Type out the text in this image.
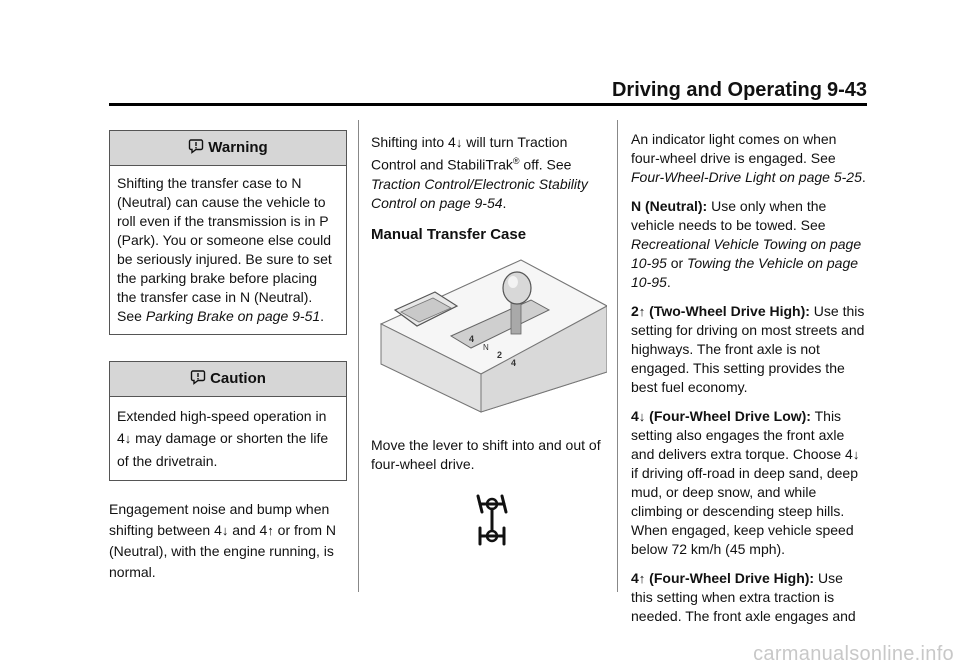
Driving and Operating 9-43
Warning

Shifting the transfer case to N (Neutral) can cause the vehicle to roll even if the transmission is in P (Park). You or someone else could be seriously injured. Be sure to set the parking brake before placing the transfer case in N (Neutral). See Parking Brake on page 9-51.

Caution

Extended high-speed operation in 4↓ may damage or shorten the life of the drivetrain.

Engagement noise and bump when shifting between 4↓ and 4↑ or from N (Neutral), with the engine running, is normal.

Shifting into 4↓ will turn Traction Control and StabiliTrak® off. See Traction Control/Electronic Stability Control on page 9-54.

Manual Transfer Case
4
N
2
4

Move the lever to shift into and out of four-wheel drive.

An indicator light comes on when four-wheel drive is engaged. See Four-Wheel-Drive Light on page 5-25.

N (Neutral): Use only when the vehicle needs to be towed. See Recreational Vehicle Towing on page 10-95 or Towing the Vehicle on page 10-95.

2↑ (Two-Wheel Drive High): Use this setting for driving on most streets and highways. The front axle is not engaged. This setting provides the best fuel economy.

4↓ (Four-Wheel Drive Low): This setting also engages the front axle and delivers extra torque. Choose 4↓ if driving off-road in deep sand, deep mud, or deep snow, and while climbing or descending steep hills. When engaged, keep vehicle speed below 72 km/h (45 mph).

4↑ (Four-Wheel Drive High): Use this setting when extra traction is needed. The front axle engages and

carmanualsonline.info
